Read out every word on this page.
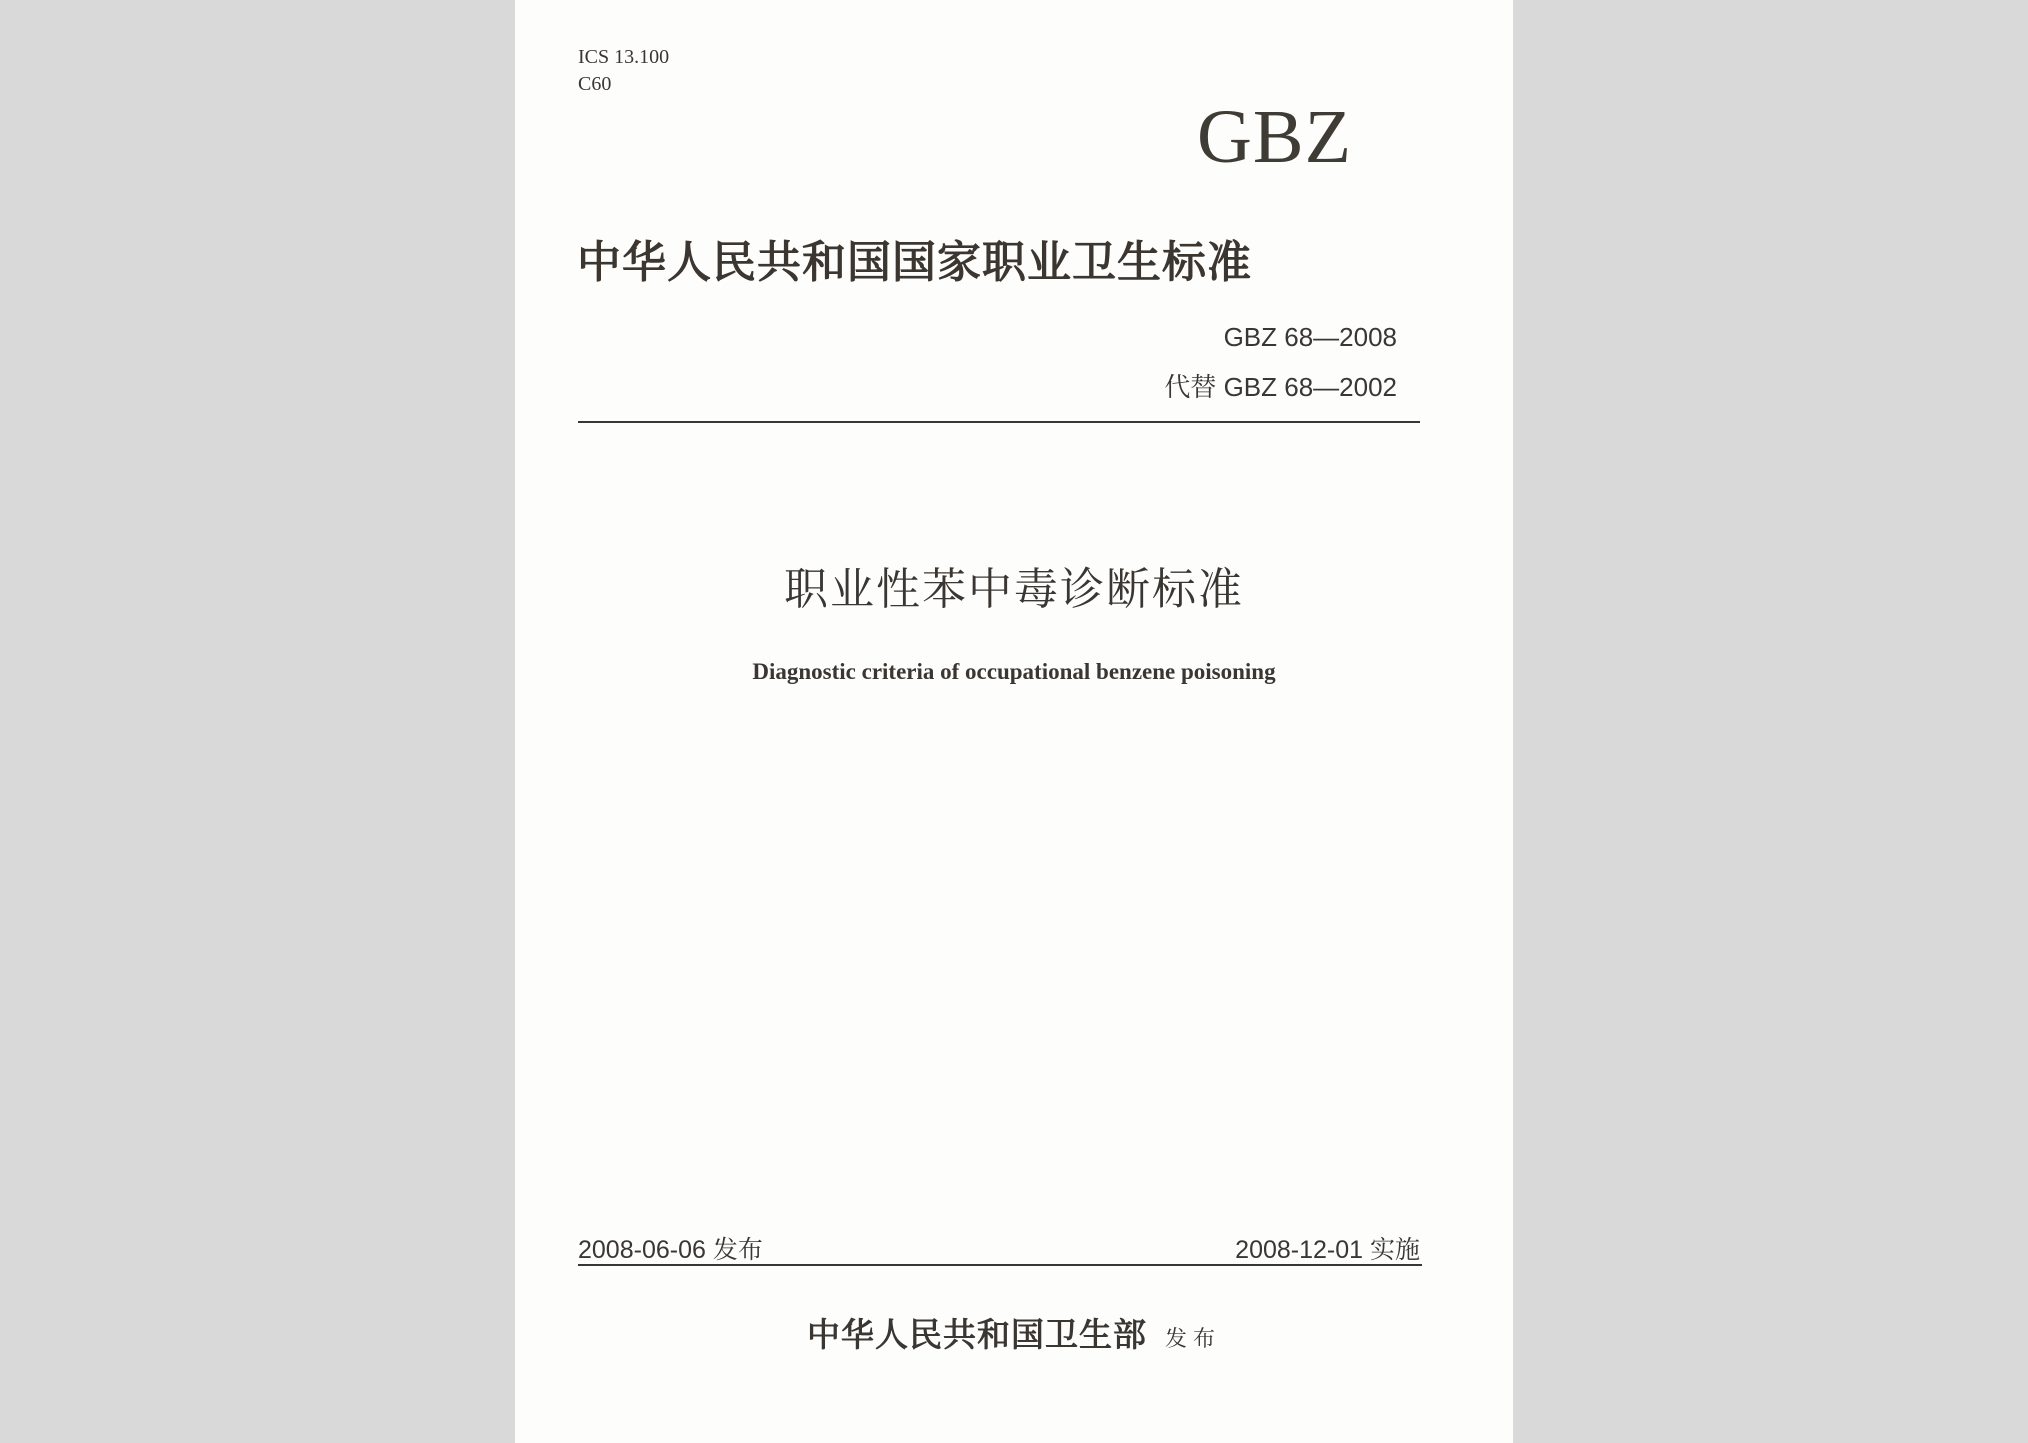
ICS 13.100
C60
GBZ
中华人民共和国国家职业卫生标准
GBZ 68—2008
代替 GBZ 68—2002
职业性苯中毒诊断标准
Diagnostic criteria of occupational benzene poisoning
2008-06-06 发布	2008-12-01 实施
中华人民共和国卫生部 发布
